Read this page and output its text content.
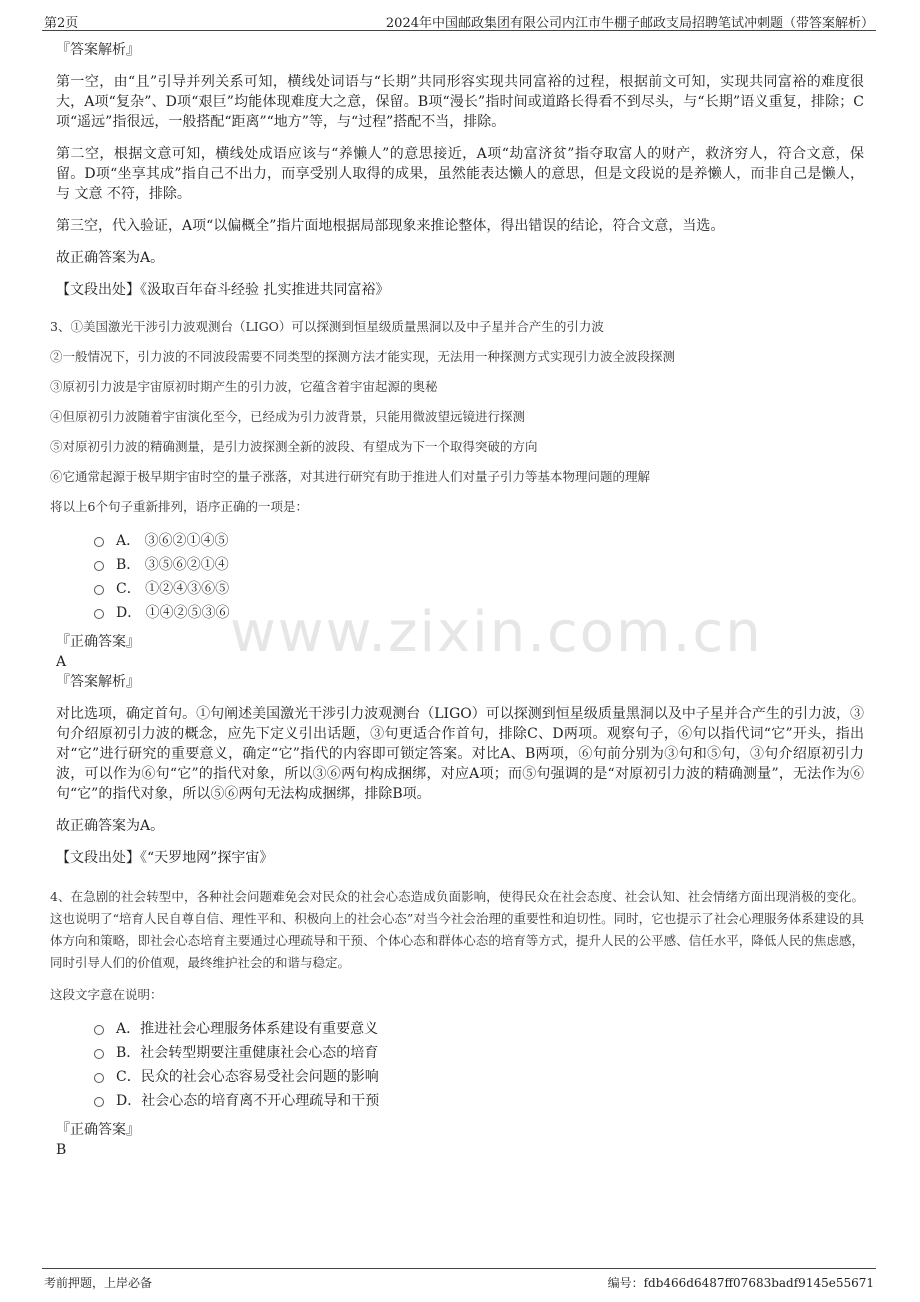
第2页	2024年中国邮政集团有限公司内江市牛棚子邮政支局招聘笔试冲刺题（带答案解析）
www.zixin.com.cn
『答案解析』

第一空，由“且”引导并列关系可知，横线处词语与“长期”共同形容实现共同富裕的过程，根据前文可知，实现共同富裕的难度很大，A项“复杂”、D项“艰巨”均能体现难度大之意，保留。B项“漫长”指时间或道路长得看不到尽头，与“长期”语义重复，排除；C项“遥远”指很远，一般搭配“距离”“地方”等，与“过程”搭配不当，排除。

第二空，根据文意可知，横线处成语应该与“养懒人”的意思接近，A项“劫富济贫”指夺取富人的财产，救济穷人，符合文意，保留。D项“坐享其成”指自己不出力，而享受别人取得的成果，虽然能表达懒人的意思，但是文段说的是养懒人，而非自己是懒人，与 文意 不符，排除。

第三空，代入验证，A项“以偏概全”指片面地根据局部现象来推论整体，得出错误的结论，符合文意，当选。

故正确答案为A。

【文段出处】《汲取百年奋斗经验 扎实推进共同富裕》
3、①美国激光干涉引力波观测台（LIGO）可以探测到恒星级质量黑洞以及中子星并合产生的引力波
②一般情况下，引力波的不同波段需要不同类型的探测方法才能实现，无法用一种探测方式实现引力波全波段探测
③原初引力波是宇宙原初时期产生的引力波，它蕴含着宇宙起源的奥秘
④但原初引力波随着宇宙演化至今，已经成为引力波背景，只能用微波望远镜进行探测
⑤对原初引力波的精确测量，是引力波探测全新的波段、有望成为下一个取得突破的方向
⑥它通常起源于极早期宇宙时空的量子涨落，对其进行研究有助于推进人们对量子引力等基本物理问题的理解
将以上6个句子重新排列，语序正确的一项是：
A． ③⑥②①④⑤
B． ③⑤⑥②①④
C． ①②④③⑥⑤
D． ①④②⑤③⑥
『正确答案』
A
『答案解析』

对比选项，确定首句。①句阐述美国激光干涉引力波观测台（LIGO）可以探测到恒星级质量黑洞以及中子星并合产生的引力波，③句介绍原初引力波的概念，应先下定义引出话题，③句更适合作首句，排除C、D两项。观察句子，⑥句以指代词“它”开头，指出对“它”进行研究的重要意义，确定“它”指代的内容即可锁定答案。对比A、B两项，⑥句前分别为③句和⑤句，③句介绍原初引力波，可以作为⑥句“它”的指代对象，所以③⑥两句构成捆绑，对应A项；而⑤句强调的是“对原初引力波的精确测量”，无法作为⑥句“它”的指代对象，所以⑤⑥两句无法构成捆绑，排除B项。

故正确答案为A。

【文段出处】《“天罗地网”探宇宙》
4、在急剧的社会转型中，各种社会问题难免会对民众的社会心态造成负面影响，使得民众在社会态度、社会认知、社会情绪方面出现消极的变化。这也说明了“培育人民自尊自信、理性平和、积极向上的社会心态”对当今社会治理的重要性和迫切性。同时，它也提示了社会心理服务体系建设的具体方向和策略，即社会心态培育主要通过心理疏导和干预、个体心态和群体心态的培育等方式，提升人民的公平感、信任水平，降低人民的焦虑感，同时引导人们的价值观，最终维护社会的和谐与稳定。
这段文字意在说明：
A．推进社会心理服务体系建设有重要意义
B．社会转型期要注重健康社会心态的培育
C．民众的社会心态容易受社会问题的影响
D．社会心态的培育离不开心理疏导和干预
『正确答案』
B
考前押题，上岸必备	编号：fdb466d6487ff07683badf9145e55671
